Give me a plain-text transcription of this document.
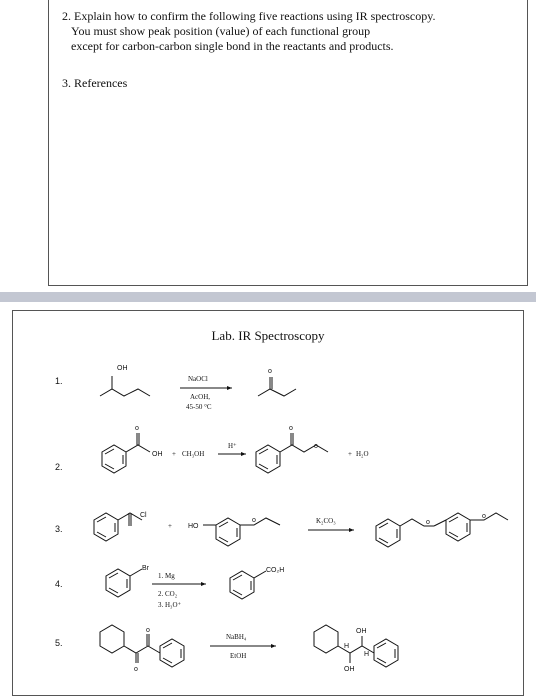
2. Explain how to confirm the following five reactions using IR spectroscopy.
You must show peak position (value) of each functional group
except for carbon-carbon single bond in the reactants and products.
3. References
Lab. IR Spectroscopy
1.
2.
3.
4.
5.
OH
NaOCl
AcOH,
45-50 °C
o
o
OH + CH₃OH
H⁺
o
o
+ H₂O
Cl
+ HO
o	K₂CO₃	o
o
Br
1. Mg
2. CO₂
3. H₃O⁺
CO₂H
o
o
NaBH₄
EtOH
OH
H
H
OH
